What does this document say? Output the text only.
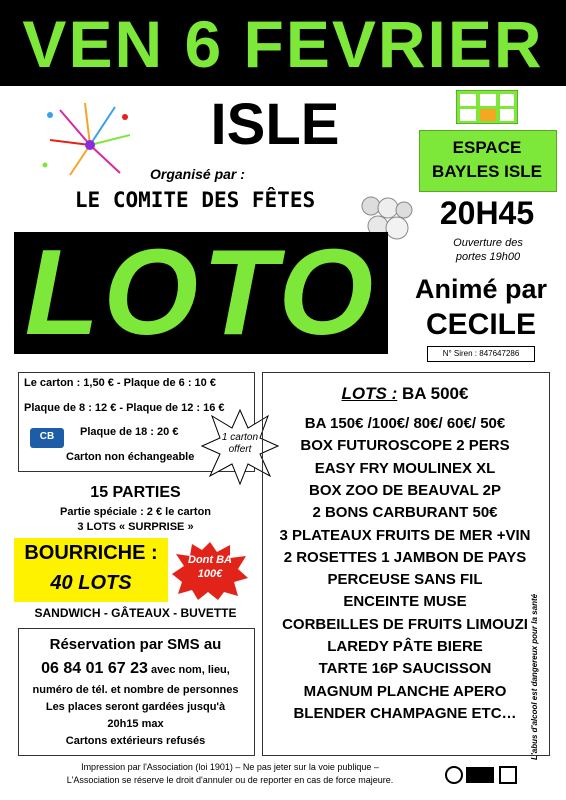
VEN 6 FEVRIER
ISLE
Organisé par :
LE COMITE DES FÊTES
LOTO
ESPACE
BAYLES ISLE
20H45
Ouverture des
portes 19h00
Animé par
CECILE
N° Siren : 847647286
Le carton : 1,50 € - Plaque de 6 : 10 €
Plaque de 8 : 12 € - Plaque de 12 : 16 €
CB	Plaque de 18 : 20 €
Carton non échangeable
1 carton
offert
15 PARTIES
Partie spéciale : 2 € le carton
3 LOTS « SURPRISE »
BOURRICHE :
40 LOTS
Dont BA
100€
SANDWICH - GÂTEAUX - BUVETTE
Réservation par SMS au
06 84 01 67 23 avec nom, lieu,
numéro de tél. et nombre de personnes
Les places seront gardées jusqu'à
20h15 max
Cartons extérieurs refusés
LOTS : BA 500€
BA 150€ /100€/ 80€/ 60€/ 50€
BOX FUTUROSCOPE 2 PERS
EASY FRY MOULINEX XL
BOX ZOO DE BEAUVAL 2P
2 BONS CARBURANT 50€
3 PLATEAUX FRUITS DE MER +VIN
2 ROSETTES 1 JAMBON DE PAYS
PERCEUSE SANS FIL
ENCEINTE MUSE
CORBEILLES DE FRUITS LIMOUZI
LAREDY PÂTE BIERE
TARTE 16P SAUCISSON
MAGNUM PLANCHE APERO
BLENDER CHAMPAGNE ETC…	L'abus d'alcool est dangereux pour la santé
Impression par l'Association (loi 1901) – Ne pas jeter sur la voie publique –
L'Association se réserve le droit d'annuler ou de reporter en cas de force majeure.
